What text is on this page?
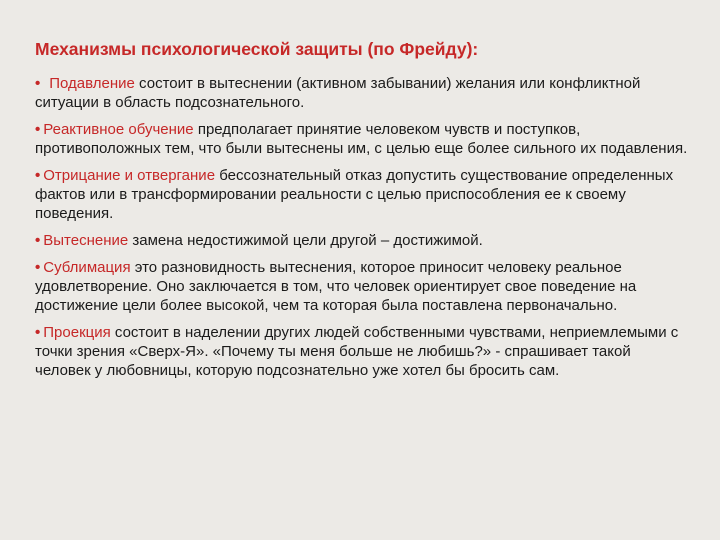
Механизмы психологической защиты (по Фрейду):
• Подавление состоит в вытеснении (активном забывании) желания или конфликтной ситуации в область подсознательного.
• Реактивное обучение предполагает принятие человеком чувств и поступков, противоположных тем, что были вытеснены им, с целью еще более сильного их подавления.
• Отрицание и отвергание бессознательный отказ допустить существование определенных фактов или в трансформировании реальности с целью приспособления ее к своему поведения.
• Вытеснение замена недостижимой цели другой – достижимой.
• Сублимация это разновидность вытеснения, которое приносит человеку реальное удовлетворение. Оно заключается в том, что человек ориентирует свое поведение на достижение цели более высокой, чем та которая была поставлена первоначально.
• Проекция состоит в наделении других людей собственными чувствами, неприемлемыми с точки зрения «Сверх-Я». «Почему ты меня больше не любишь?» - спрашивает такой человек у любовницы, которую подсознательно уже хотел бы бросить сам.
